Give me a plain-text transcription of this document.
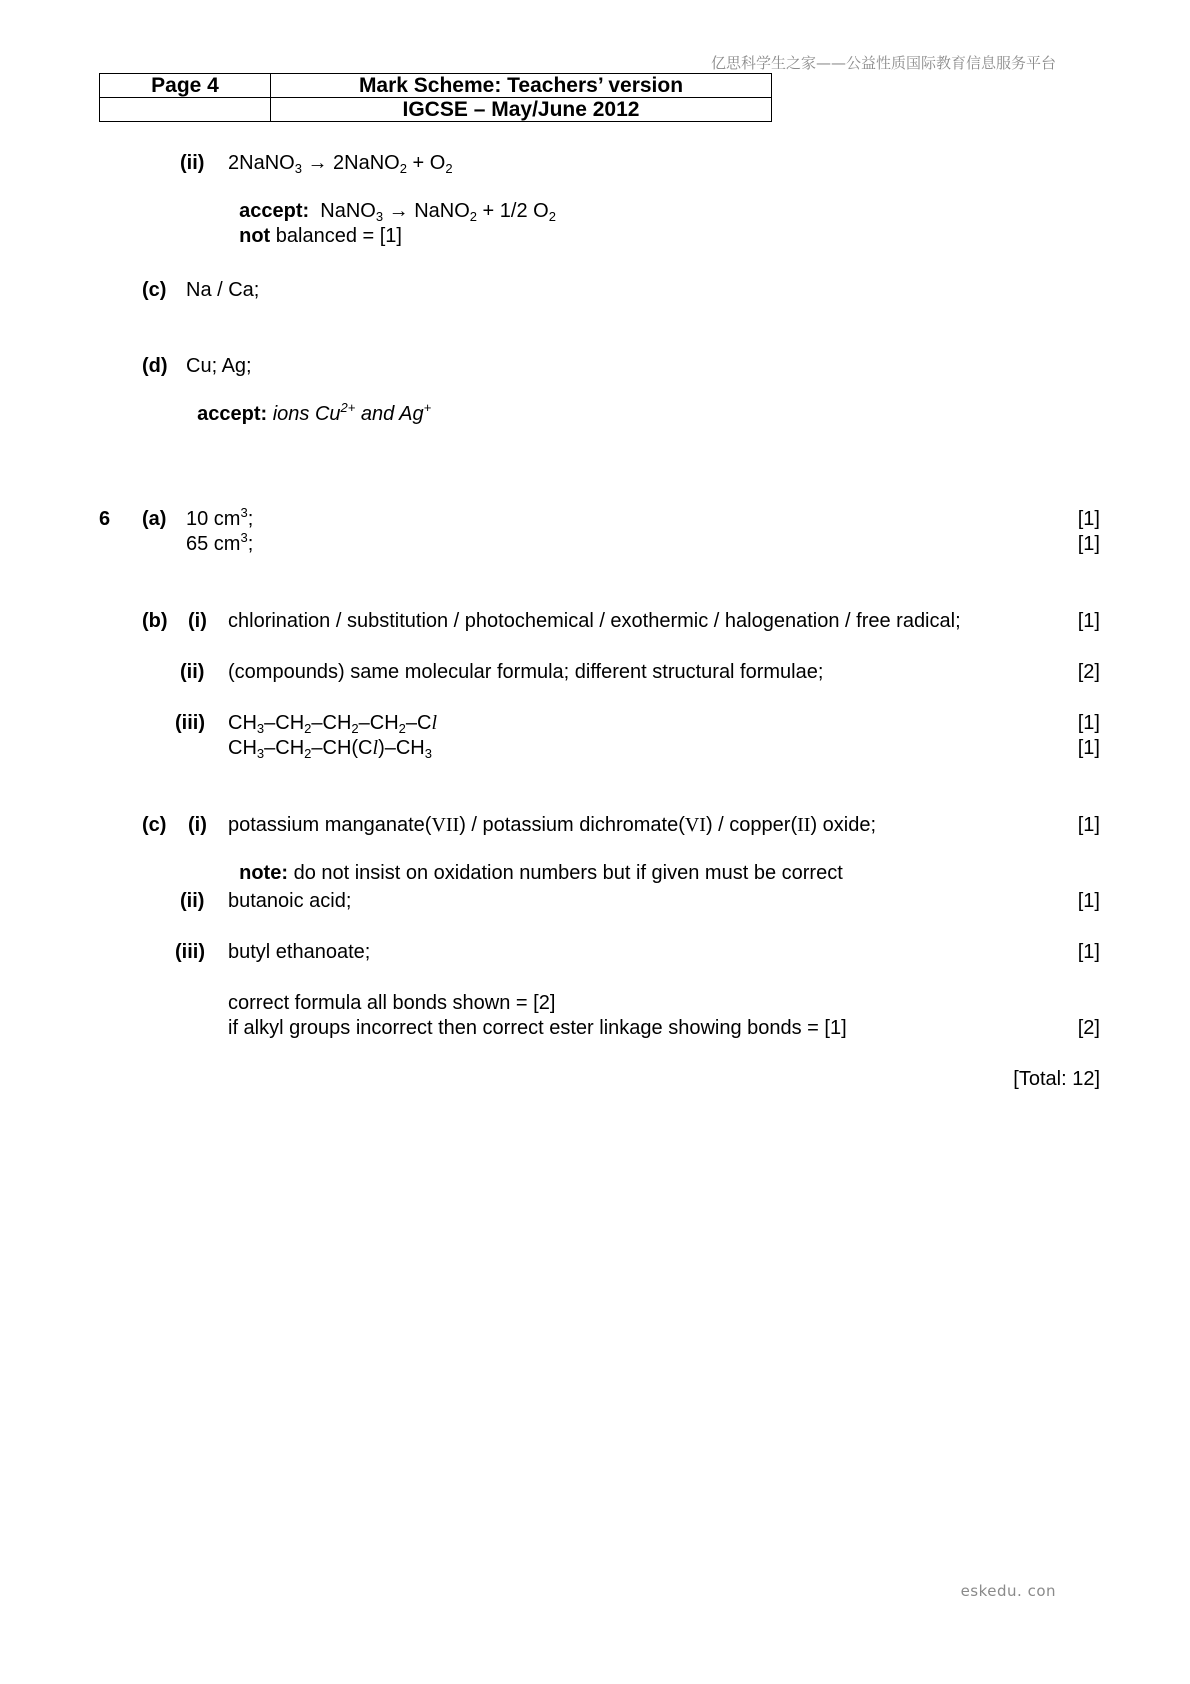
亿思科学生之家——公益性质国际教育信息服务平台
eskedu. con
Page 4	Mark Scheme: Teachers’ version
	IGCSE – May/June 2012
(ii) 2NaNO$_3$ → 2NaNO$_2$ + $O_2$

accept:  NaNO$_3$ → NaNO$_2$ + 1/2 $O_2$

not balanced = [1]

(c) Na / Ca;
(d) Cu; Ag;

accept: ions $Cu^{2+}$ and Ag+

6 (a) 10 $cm^3$;	[1]
65 $cm^3$;	[1]
(b) (i) chlorination / substitution / photochemical / exothermic / halogenation / free radical;	[1]
(ii) (compounds) same molecular formula; different structural formulae;	[2]
(iii) $CH_3-CH_2-CH_2-CH_2-Cl$	[1]
$CH_3-CH_2-CH(Cl)-CH_3$	[1]
(c) (i) potassium manganate(VII) / potassium dichromate(VI) / copper(II) oxide;	[1]

note: do not insist on oxidation numbers but if given must be correct

(ii) butanoic acid;	[1]
(iii) butyl ethanoate;	[1]
correct formula all bonds shown = [2]
if alkyl groups incorrect then correct ester linkage showing bonds = [1]	[2]
[Total: 12]
